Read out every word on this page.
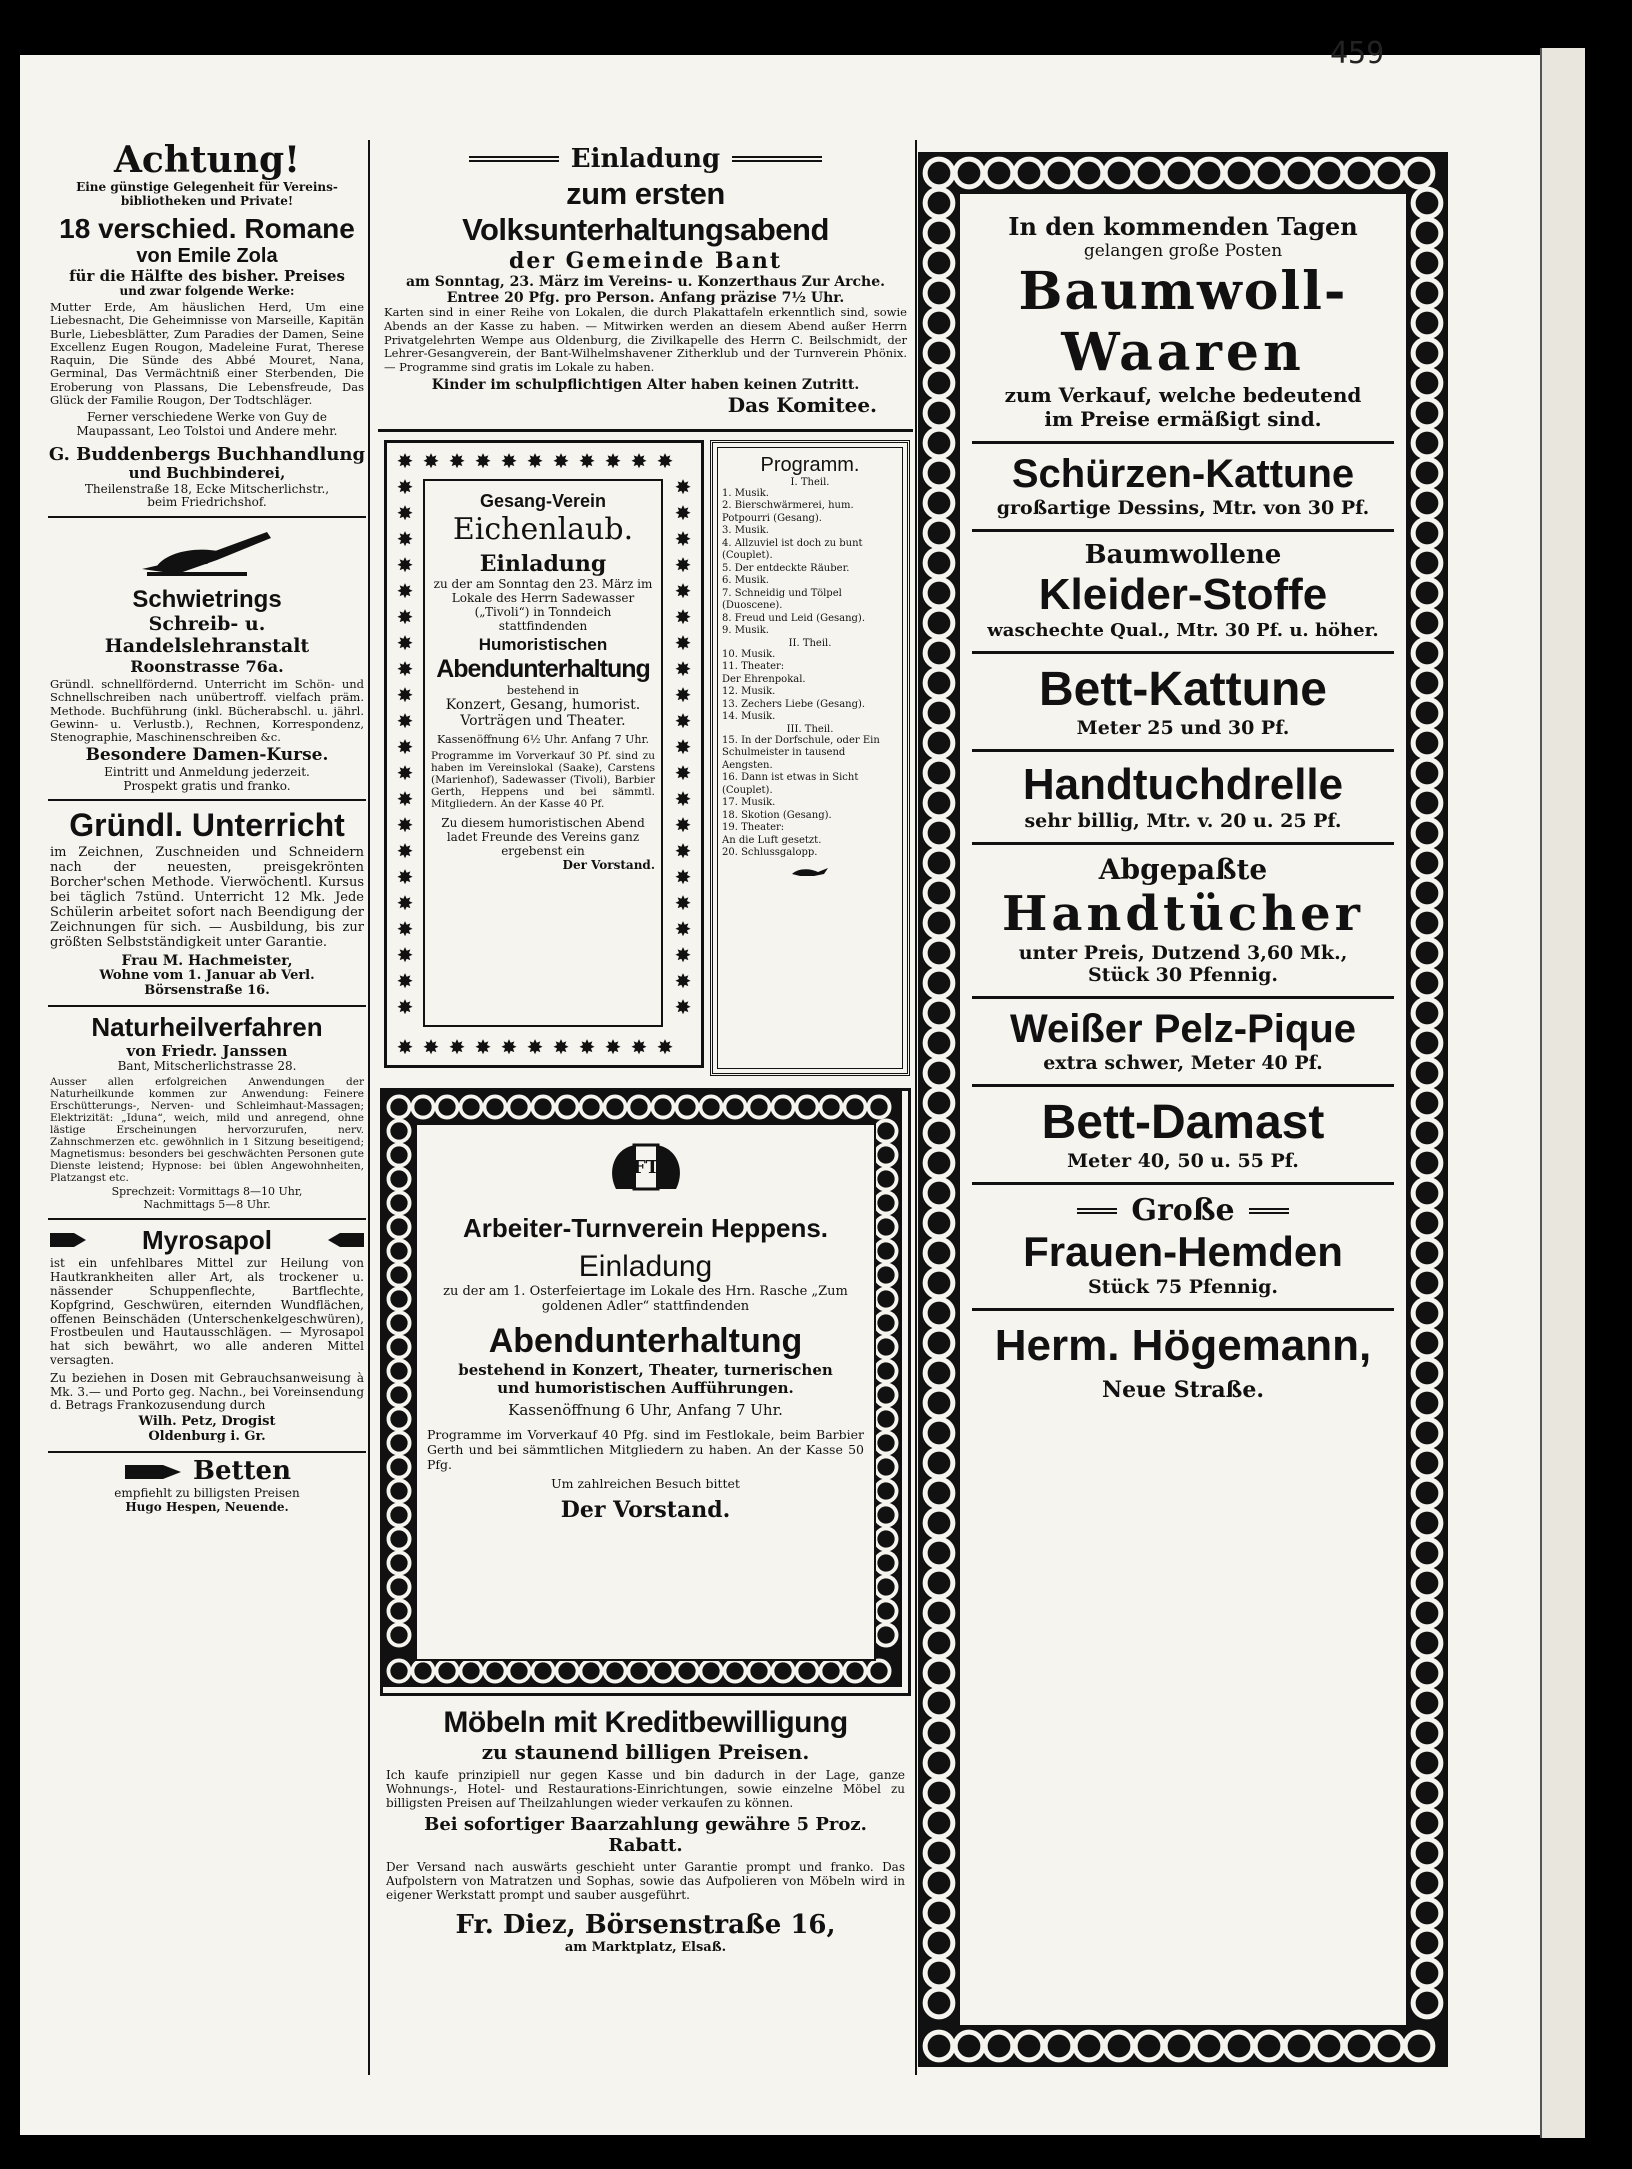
459
Achtung!
Eine günstige Gelegenheit für Vereins-bibliotheken und Private!
18 verschied. Romane
von Emile Zola
für die Hälfte des bisher. Preises
und zwar folgende Werke:
Mutter Erde, Am häuslichen Herd, Um eine Liebesnacht, Die Geheimnisse von Marseille, Kapitän Burle, Liebesblätter, Zum Paradies der Damen, Seine Excellenz Eugen Rougon, Madeleine Furat, Therese Raquin, Die Sünde des Abbé Mouret, Nana, Germinal, Das Vermächtniß einer Sterbenden, Die Eroberung von Plassans, Die Lebensfreude, Das Glück der Familie Rougon, Der Todtschläger.
Ferner verschiedene Werke von Guy de Maupassant, Leo Tolstoi und Andere mehr.
G. Buddenbergs Buchhandlung
und Buchbinderei,
Theilenstraße 18, Ecke Mitscherlichstr., beim Friedrichshof.
Schwietrings
Schreib- u. Handelslehranstalt
Roonstrasse 76a.
Gründl. schnellfördernd. Unterricht im Schön- und Schnellschreiben nach unübertroff. vielfach präm. Methode. Buchführung (inkl. Bücherabschl. u. jährl. Gewinn- u. Verlustb.), Rechnen, Korrespondenz, Stenographie, Maschinenschreiben &c.
Besondere Damen-Kurse.
Eintritt und Anmeldung jederzeit. Prospekt gratis und franko.
Gründl. Unterricht
im Zeichnen, Zuschneiden und Schneidern nach der neuesten, preisgekrönten Borcher'schen Methode. Vierwöchentl. Kursus bei täglich 7stünd. Unterricht 12 Mk. Jede Schülerin arbeitet sofort nach Beendigung der Zeichnungen für sich. — Ausbildung, bis zur größten Selbstständigkeit unter Garantie.
Frau M. Hachmeister,
Wohne vom 1. Januar ab Verl. Börsenstraße 16.
Naturheilverfahren
von Friedr. Janssen
Bant, Mitscherlichstrasse 28.
Ausser allen erfolgreichen Anwendungen der Naturheilkunde kommen zur Anwendung: Feinere Erschütterungs-, Nerven- und Schleimhaut-Massagen; Elektrizität: „Iduna“, weich, mild und anregend, ohne lästige Erscheinungen hervorzurufen, nerv. Zahnschmerzen etc. gewöhnlich in 1 Sitzung beseitigend; Magnetismus: besonders bei geschwächten Personen gute Dienste leistend; Hypnose: bei üblen Angewohnheiten, Platzangst etc.
Sprechzeit: Vormittags 8—10 Uhr, Nachmittags 5—8 Uhr.
Myrosapol
ist ein unfehlbares Mittel zur Heilung von Hautkrankheiten aller Art, als trockener u. nässender Schuppenflechte, Bartflechte, Kopfgrind, Geschwüren, eiternden Wundflächen, offenen Beinschäden (Unterschenkelgeschwüren), Frostbeulen und Hautausschlägen. — Myrosapol hat sich bewährt, wo alle anderen Mittel versagten.
Zu beziehen in Dosen mit Gebrauchsanweisung à Mk. 3.— und Porto geg. Nachn., bei Voreinsendung d. Betrags Frankozusendung durch
Wilh. Petz, Drogist
Oldenburg i. Gr.
Betten
empfiehlt zu billigsten Preisen
Hugo Hespen, Neuende.
Einladung
zum ersten Volksunterhaltungsabend
der Gemeinde Bant
am Sonntag, 23. März im Vereins- u. Konzerthaus Zur Arche.
Entree 20 Pfg. pro Person. Anfang präzise 7½ Uhr.
Karten sind in einer Reihe von Lokalen, die durch Plakattafeln erkenntlich sind, sowie Abends an der Kasse zu haben. — Mitwirken werden an diesem Abend außer Herrn Privatgelehrten Wempe aus Oldenburg, die Zivilkapelle des Herrn C. Beilschmidt, der Lehrer-Gesangverein, der Bant-Wilhelmshavener Zitherklub und der Turnverein Phönix. — Programme sind gratis im Lokale zu haben.
Kinder im schulpflichtigen Alter haben keinen Zutritt.
Das Komitee.
✸
✸
✸
✸
✸
✸
✸
✸
✸
✸
✸
✸
✸
✸
✸
✸
✸
✸
✸
✸
✸
✸
✸	✸
✸	✸
✸	✸
✸	✸
✸	✸
✸	✸
✸	✸
✸	✸
✸	✸
✸	✸
✸	✸
✸	✸
✸	✸
✸	✸
✸	✸
✸	✸
✸	✸
✸	✸
✸	✸
✸	✸
✸	✸
Gesang-Verein
Eichenlaub.
Einladung
zu der am Sonntag den 23. März im Lokale des Herrn Sadewasser („Tivoli“) in Tonndeich stattfindenden
Humoristischen
Abendunterhaltung
bestehend in
Konzert, Gesang, humorist. Vorträgen und Theater.
Kassenöffnung 6½ Uhr. Anfang 7 Uhr.
Programme im Vorverkauf 30 Pf. sind zu haben im Vereinslokal (Saake), Carstens (Marienhof), Sadewasser (Tivoli), Barbier Gerth, Heppens und bei sämmtl. Mitgliedern. An der Kasse 40 Pf.
Zu diesem humoristischen Abend ladet Freunde des Vereins ganz ergebenst ein
Der Vorstand.
Programm.
I. Theil.
1. Musik.
2. Bierschwärmerei, hum. Potpourri (Gesang).
3. Musik.
4. Allzuviel ist doch zu bunt (Couplet).
5. Der entdeckte Räuber.
6. Musik.
7. Schneidig und Tölpel (Duoscene).
8. Freud und Leid (Gesang).
9. Musik.
II. Theil.
10. Musik.
11. Theater:
Der Ehrenpokal.
12. Musik.
13. Zechers Liebe (Gesang).
14. Musik.
III. Theil.
15. In der Dorfschule, oder Ein Schulmeister in tausend Aengsten.
16. Dann ist etwas in Sicht (Couplet).
17. Musik.
18. Skotion (Gesang).
19. Theater:
An die Luft gesetzt.
20. Schlussgalopp.
FT
Arbeiter-Turnverein Heppens.
Einladung
zu der am 1. Osterfeiertage im Lokale des Hrn. Rasche „Zum goldenen Adler“ stattfindenden
Abendunterhaltung
bestehend in Konzert, Theater, turnerischen und humoristischen Aufführungen.
Kassenöffnung 6 Uhr, Anfang 7 Uhr.
Programme im Vorverkauf 40 Pfg. sind im Festlokale, beim Barbier Gerth und bei sämmtlichen Mitgliedern zu haben. An der Kasse 50 Pfg.
Um zahlreichen Besuch bittet
Der Vorstand.
Möbeln mit Kreditbewilligung
zu staunend billigen Preisen.
Ich kaufe prinzipiell nur gegen Kasse und bin dadurch in der Lage, ganze Wohnungs-, Hotel- und Restaurations-Einrichtungen, sowie einzelne Möbel zu billigsten Preisen auf Theilzahlungen wieder verkaufen zu können.
Bei sofortiger Baarzahlung gewähre 5 Proz. Rabatt.
Der Versand nach auswärts geschieht unter Garantie prompt und franko. Das Aufpolstern von Matratzen und Sophas, sowie das Aufpolieren von Möbeln wird in eigener Werkstatt prompt und sauber ausgeführt.
Fr. Diez, Börsenstraße 16,
am Marktplatz, Elsaß.
In den kommenden Tagen
gelangen große Posten
Baumwoll-
Waaren
zum Verkauf, welche bedeutend
im Preise ermäßigt sind.
Schürzen-Kattune
großartige Dessins, Mtr. von 30 Pf.
Baumwollene
Kleider-Stoffe
waschechte Qual., Mtr. 30 Pf. u. höher.
Bett-Kattune
Meter 25 und 30 Pf.
Handtuchdrelle
sehr billig, Mtr. v. 20 u. 25 Pf.
Abgepaßte
Handtücher
unter Preis, Dutzend 3,60 Mk.,
Stück 30 Pfennig.
Weißer Pelz-Pique
extra schwer, Meter 40 Pf.
Bett-Damast
Meter 40, 50 u. 55 Pf.
Große
Frauen-Hemden
Stück 75 Pfennig.
Herm. Högemann,
Neue Straße.
